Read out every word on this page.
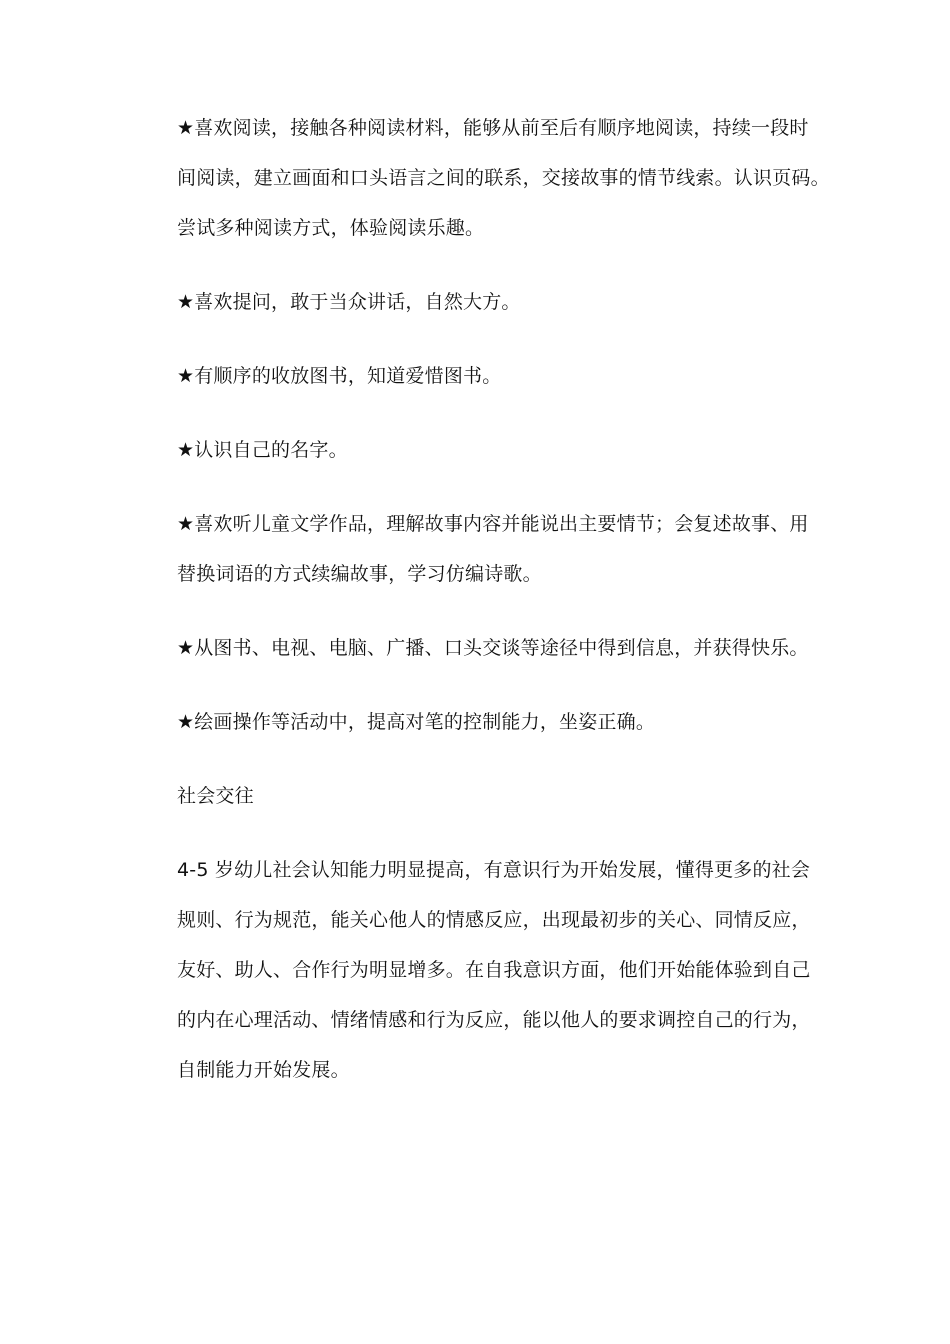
★喜欢阅读，接触各种阅读材料，能够从前至后有顺序地阅读，持续一段时
间阅读，建立画面和口头语言之间的联系，交接故事的情节线索。认识页码。
尝试多种阅读方式，体验阅读乐趣。

★喜欢提问，敢于当众讲话，自然大方。

★有顺序的收放图书，知道爱惜图书。

★认识自己的名字。

★喜欢听儿童文学作品，理解故事内容并能说出主要情节；会复述故事、用
替换词语的方式续编故事，学习仿编诗歌。

★从图书、电视、电脑、广播、口头交谈等途径中得到信息，并获得快乐。

★绘画操作等活动中，提高对笔的控制能力，坐姿正确。

社会交往

4-5 岁幼儿社会认知能力明显提高，有意识行为开始发展，懂得更多的社会
规则、行为规范，能关心他人的情感反应，出现最初步的关心、同情反应，
友好、助人、合作行为明显增多。在自我意识方面，他们开始能体验到自己
的内在心理活动、情绪情感和行为反应，能以他人的要求调控自己的行为，
自制能力开始发展。
